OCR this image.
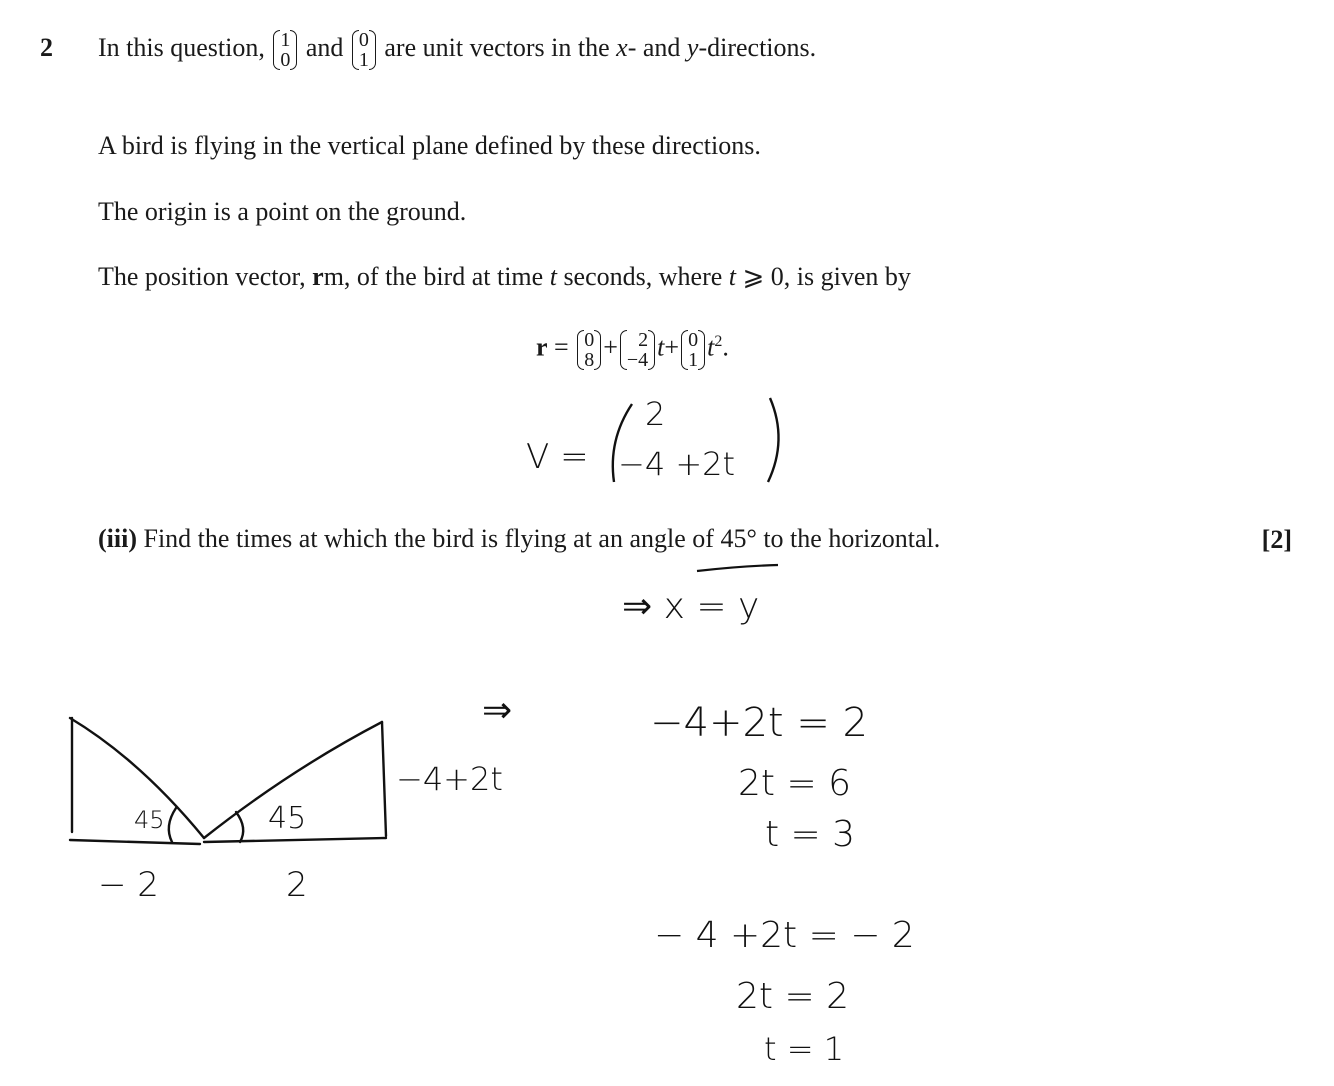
2 In this question, 1
0 and 0
1 are unit vectors in the x- and y-directions.
A bird is flying in the vertical plane defined by these directions.
The origin is a point on the ground.
The position vector, rm, of the bird at time t seconds, where t ⩾ 0, is given by
r = 0
8 +	2
−4 t+ 0
1 $t^2$.
(iii) Find the times at which the bird is flying at an angle of 45° to the horizontal.	[2]
V =
2
−4 +2t
⇒ x = y
⇒	−4+2t = 2
2t = 6
t = 3
− 4 +2t = − 2
2t = 2
t = 1
45	45
−4+2t
− 2	2
